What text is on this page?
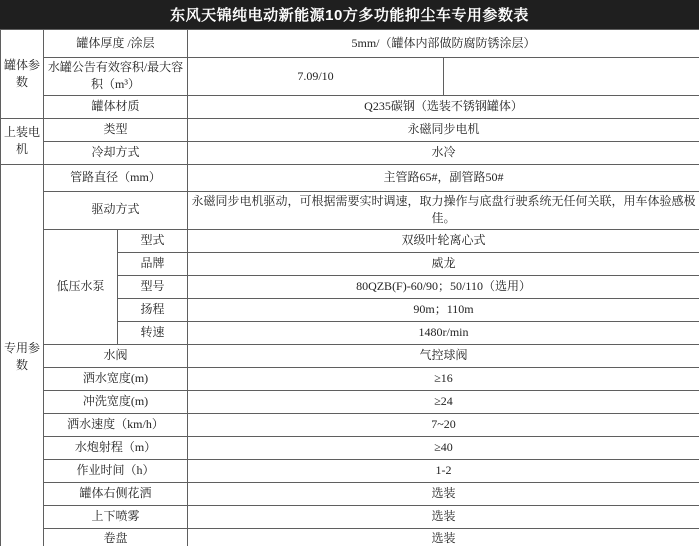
东风天锦纯电动新能源10方多功能抑尘车专用参数表
罐体参数	罐体厚度 /涂层		5mm/（罐体内部做防腐防锈涂层）	
	水罐公告有效容积/最大容积（m³）		7.09/10	
	罐体材质		Q235碳钢（选装不锈钢罐体）	
上装电机	类型		永磁同步电机	
	冷却方式		水冷	
专用参数	管路直径（mm）		主管路65#，副管路50#	
	驱动方式		永磁同步电机驱动，可根据需要实时调速，取力操作与底盘行驶系统无任何关联，用车体验感极佳。	
	低压水泵	型式	双级叶轮离心式	
		品牌	威龙	
		型号	80QZB(F)-60/90；50/110（选用）	
		扬程	90m；110m	
		转速	1480r/min	
	水阀		气控球阀	
	洒水宽度(m)		≥16	
	冲洗宽度(m)		≥24	
	洒水速度（km/h）		7~20	
	水炮射程（m）		≥40	
	作业时间（h）		1-2	
	罐体右侧花洒		选装	
	上下喷雾		选装	
	卷盘		选装	
